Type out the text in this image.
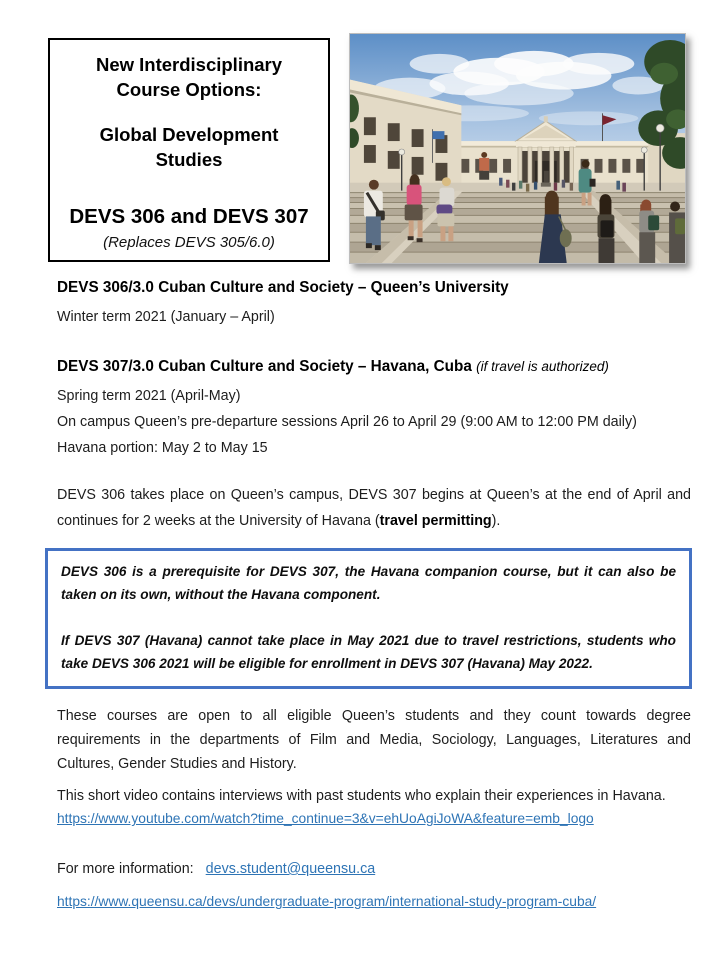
New Interdisciplinary
Course Options:
Global Development
Studies
DEVS 306 and DEVS 307
(Replaces DEVS 305/6.0)
DEVS 306/3.0 Cuban Culture and Society – Queen’s University

Winter term 2021 (January – April)

DEVS 307/3.0 Cuban Culture and Society – Havana, Cuba (if travel is authorized)

Spring term 2021 (April-May)

On campus Queen’s pre-departure sessions April 26 to April 29 (9:00 AM to 12:00 PM daily)

Havana portion: May 2 to May 15

DEVS 306 takes place on Queen’s campus, DEVS 307 begins at Queen’s at the end of April and continues for 2 weeks at the University of Havana (travel permitting).

DEVS 306 is a prerequisite for DEVS 307, the Havana companion course, but it can also be taken on its own, without the Havana component.

If DEVS 307 (Havana) cannot take place in May 2021 due to travel restrictions, students who take DEVS 306 2021 will be eligible for enrollment in DEVS 307 (Havana) May 2022.

These courses are open to all eligible Queen’s students and they count towards degree requirements in the departments of Film and Media, Sociology, Languages, Literatures and Cultures, Gender Studies and History.

This short video contains interviews with past students who explain their experiences in Havana.

https://www.youtube.com/watch?time_continue=3&v=ehUoAgiJoWA&feature=emb_logo
For more information: devs.student@queensu.ca
https://www.queensu.ca/devs/undergraduate-program/international-study-program-cuba/
